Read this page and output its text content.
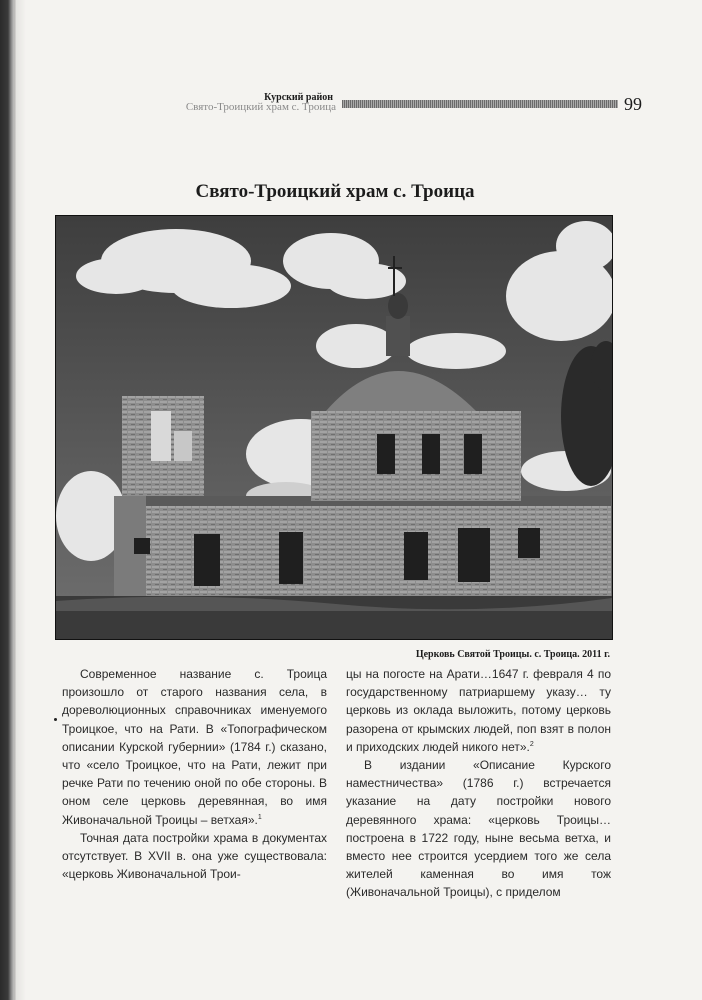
Курский район
Свято-Троицкий храм с. Троица	99
Свято-Троицкий храм с. Троица
Церковь Святой Троицы. с. Троица. 2011 г.

Современное название с. Троица произошло от старого названия села, в дореволюционных справочниках именуемого Троицкое, что на Рати. В «Топографическом описании Курской губернии» (1784 г.) сказано, что «село Троицкое, что на Рати, лежит при речке Рати по течению оной по обе стороны. В оном селе церковь деревянная, во имя Живоначальной Троицы – ветхая».$^1$

Точная дата постройки храма в документах отсутствует. В XVII в. она уже существовала: «церковь Живоначальной Трои-

цы на погосте на Арати…1647 г. февраля 4 по государственному патриаршему указу… ту церковь из оклада выложить, потому церковь разорена от крымских людей, поп взят в полон и приходских людей никого нет».$^2$

В издании «Описание Курского наместничества» (1786 г.) встречается указание на дату постройки нового деревянного храма: «церковь Троицы… построена в 1722 году, ныне весьма ветха, и вместо нее строится усердием того же села жителей каменная во имя тож (Живоначальной Троицы), с приделом
